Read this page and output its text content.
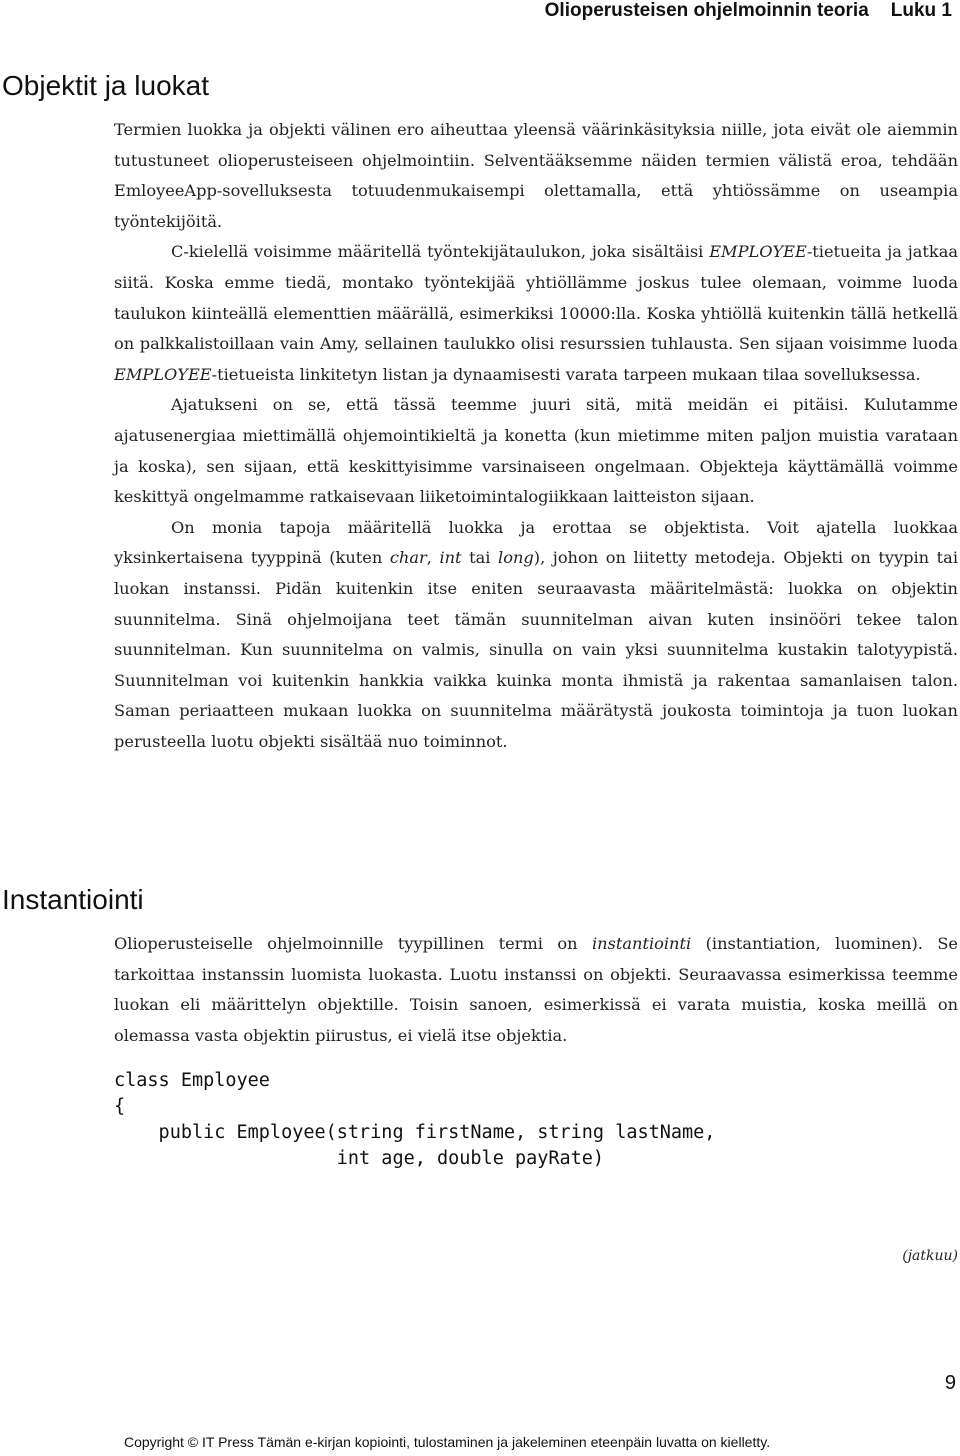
Olioperusteisen ohjelmoinnin teoria Luku 1
Objektit ja luokat

Termien luokka ja objekti välinen ero aiheuttaa yleensä väärinkäsityksia niille, jota eivät ole aiemmin tutustuneet olioperusteiseen ohjelmointiin. Selventääksemme näiden termien välistä eroa, tehdään EmloyeeApp-sovelluksesta totuudenmukaisempi olettamalla, että yhtiössämme on useampia työntekijöitä.

C-kielellä voisimme määritellä työntekijätaulukon, joka sisältäisi EMPLOYEE-tietueita ja jatkaa siitä. Koska emme tiedä, montako työntekijää yhtiöllämme joskus tulee olemaan, voimme luoda taulukon kiinteällä elementtien määrällä, esimerkiksi 10000:lla. Koska yhtiöllä kuitenkin tällä hetkellä on palkkalistoillaan vain Amy, sellainen taulukko olisi resurssien tuhlausta. Sen sijaan voisimme luoda EMPLOYEE-tietueista linkitetyn listan ja dynaamisesti varata tarpeen mukaan tilaa sovelluksessa.

Ajatukseni on se, että tässä teemme juuri sitä, mitä meidän ei pitäisi. Kulutamme ajatusenergiaa miettimällä ohjemointikieltä ja konetta (kun mietimme miten paljon muistia varataan ja koska), sen sijaan, että keskittyisimme varsinaiseen ongelmaan. Objekteja käyttämällä voimme keskittyä ongelmamme ratkaisevaan liiketoimintalogiikkaan laitteiston sijaan.

On monia tapoja määritellä luokka ja erottaa se objektista. Voit ajatella luokkaa yksinkertaisena tyyppinä (kuten char, int tai long), johon on liitetty metodeja. Objekti on tyypin tai luokan instanssi. Pidän kuitenkin itse eniten seuraavasta määritelmästä: luokka on objektin suunnitelma. Sinä ohjelmoijana teet tämän suunnitelman aivan kuten insinööri tekee talon suunnitelman. Kun suunnitelma on valmis, sinulla on vain yksi suunnitelma kustakin talotyypistä. Suunnitelman voi kuitenkin hankkia vaikka kuinka monta ihmistä ja rakentaa samanlaisen talon. Saman periaatteen mukaan luokka on suunnitelma määrätystä joukosta toimintoja ja tuon luokan perusteella luotu objekti sisältää nuo toiminnot.

Instantiointi

Olioperusteiselle ohjelmoinnille tyypillinen termi on instantiointi (instantiation, luominen). Se tarkoittaa instanssin luomista luokasta. Luotu instanssi on objekti. Seuraavassa esimerkissa teemme luokan eli määrittelyn objektille. Toisin sanoen, esimerkissä ei varata muistia, koska meillä on olemassa vasta objektin piirustus, ei vielä itse objektia.

class Employee
{
public Employee(string firstName, string lastName,
int age, double payRate)
(jatkuu)
9
Copyright © IT Press Tämän e-kirjan kopiointi, tulostaminen ja jakeleminen eteenpäin luvatta on kielletty.
